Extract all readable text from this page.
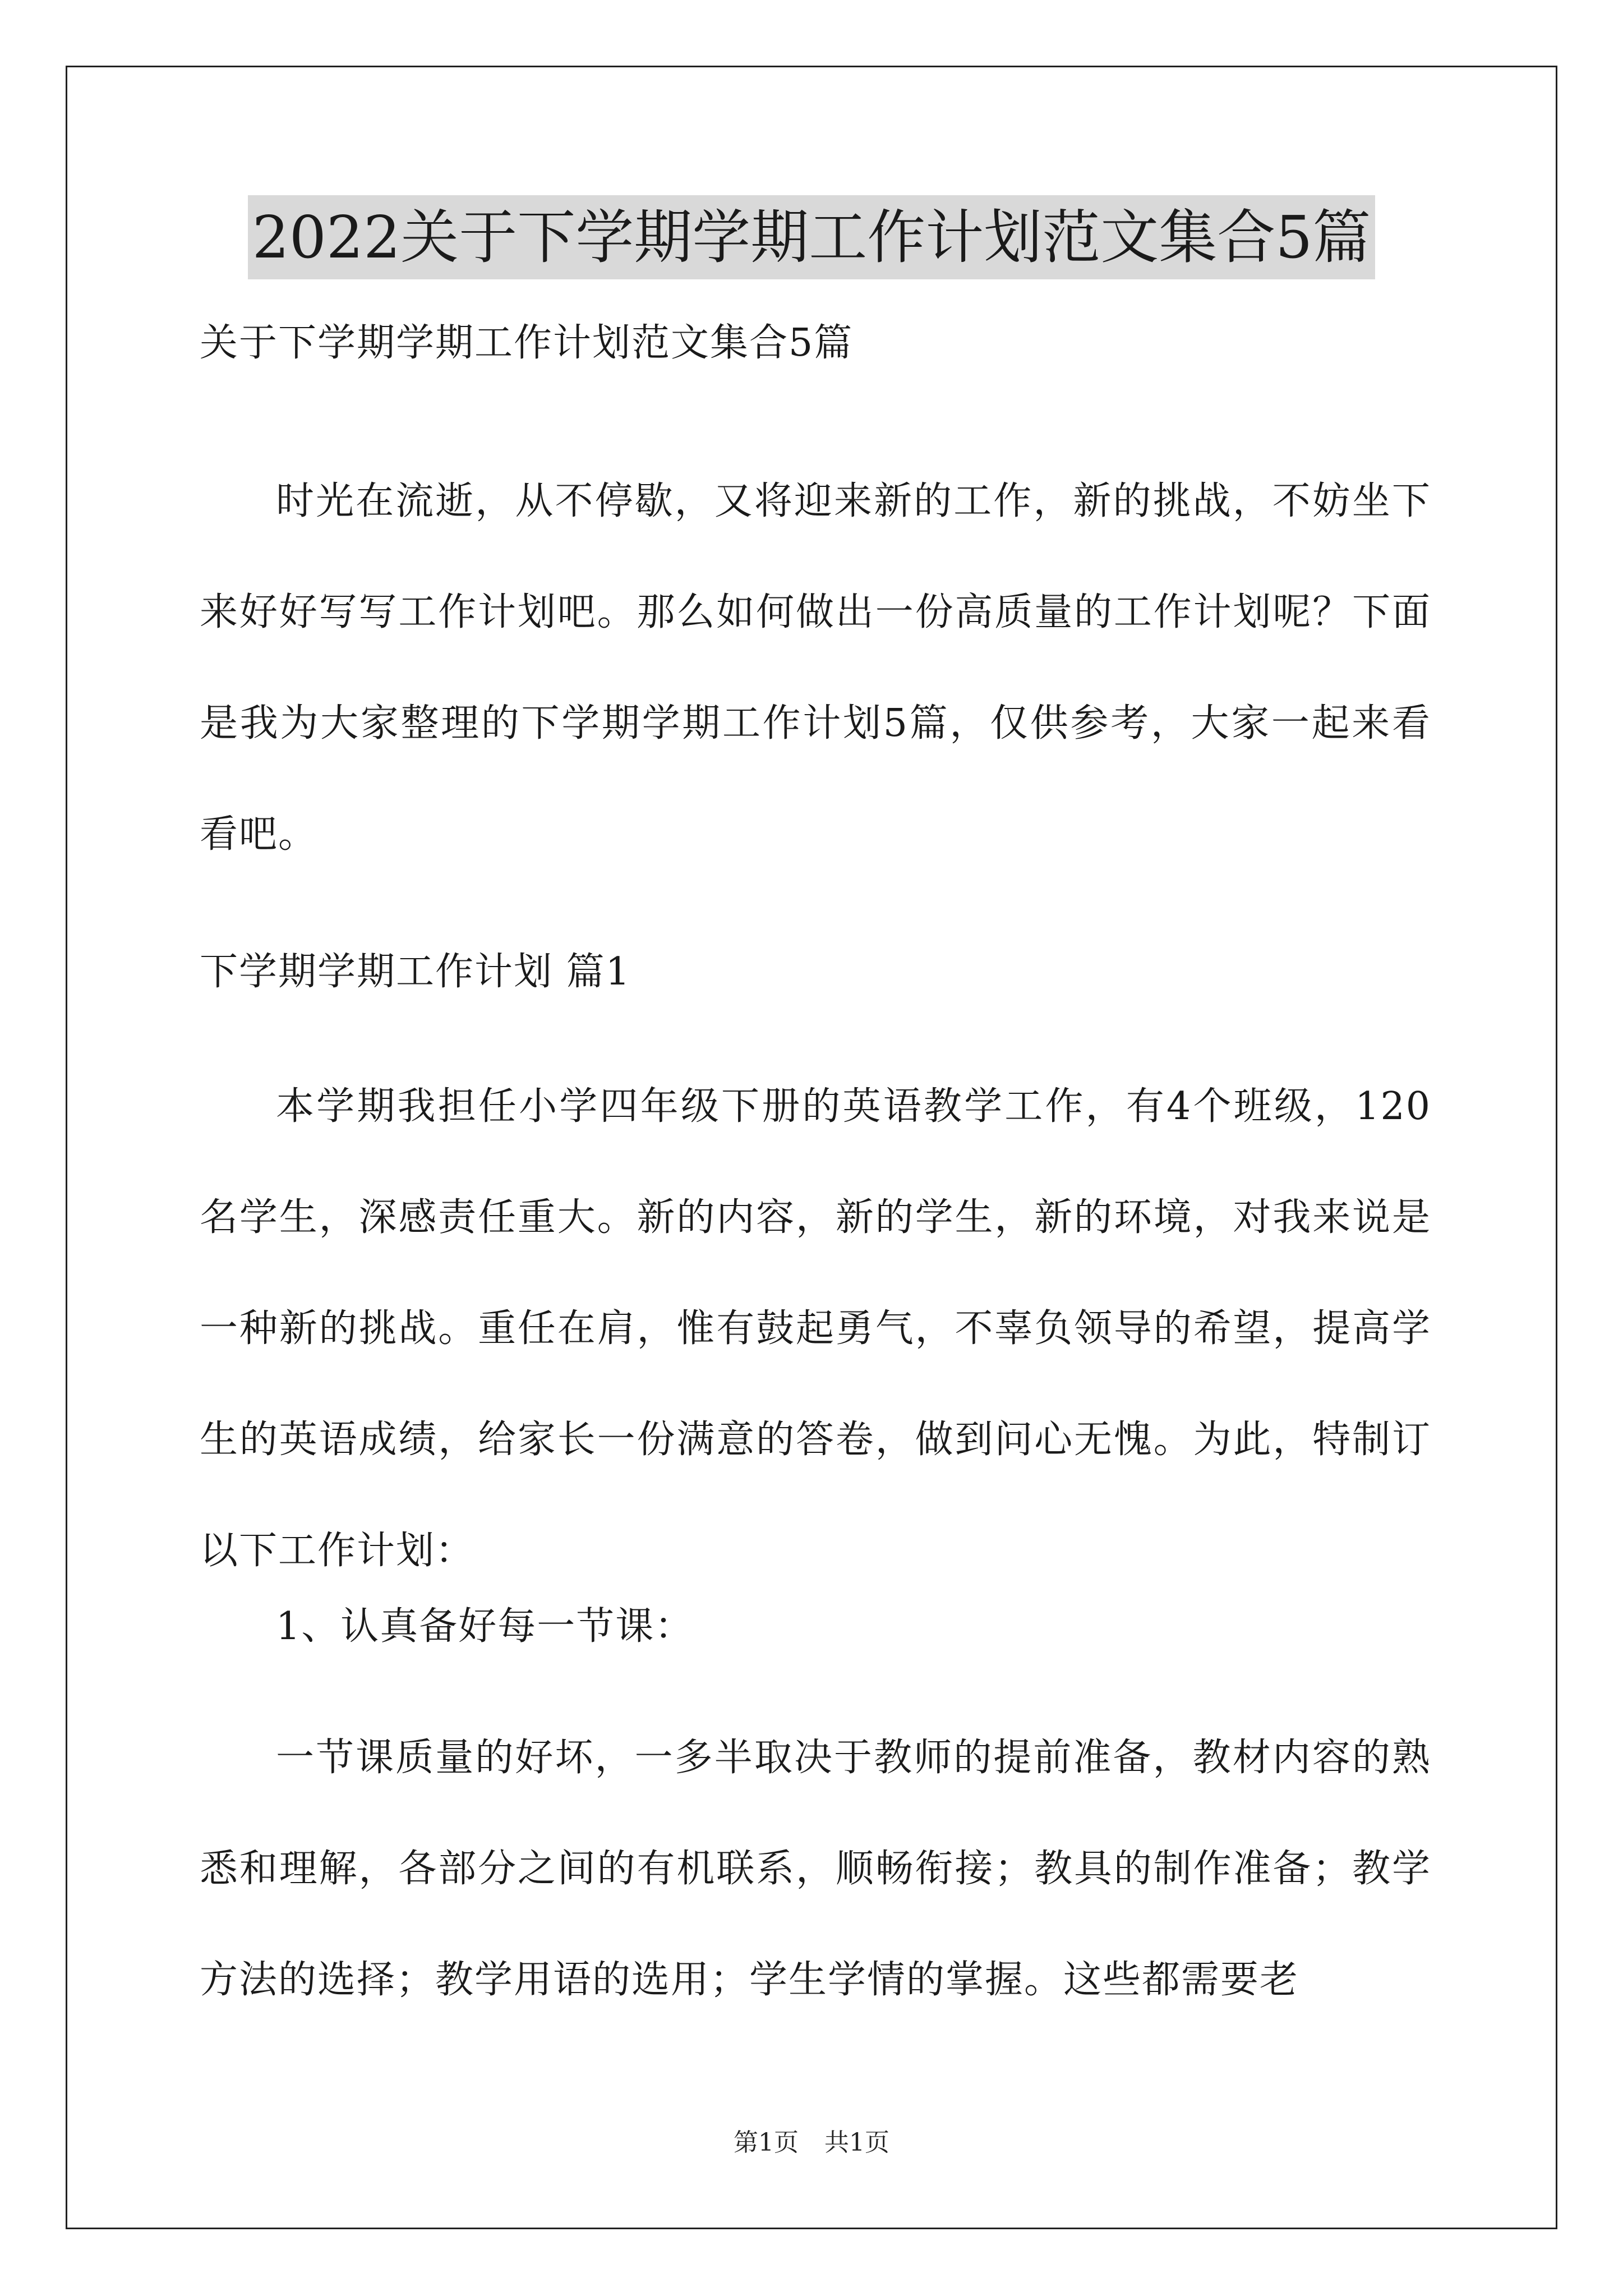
2022关于下学期学期工作计划范文集合5篇
关于下学期学期工作计划范文集合5篇
时光在流逝，从不停歇，又将迎来新的工作，新的挑战，不妨坐下来好好写写工作计划吧。那么如何做出一份高质量的工作计划呢？下面是我为大家整理的下学期学期工作计划5篇，仅供参考，大家一起来看看吧。
下学期学期工作计划 篇1
本学期我担任小学四年级下册的英语教学工作，有4个班级，120名学生，深感责任重大。新的内容，新的学生，新的环境，对我来说是一种新的挑战。重任在肩，惟有鼓起勇气，不辜负领导的希望，提高学生的英语成绩，给家长一份满意的答卷，做到问心无愧。为此，特制订以下工作计划：
1、认真备好每一节课：
一节课质量的好坏，一多半取决于教师的提前准备，教材内容的熟悉和理解，各部分之间的有机联系，顺畅衔接；教具的制作准备；教学方法的选择；教学用语的选用；学生学情的掌握。这些都需要老
第1页 共1页
